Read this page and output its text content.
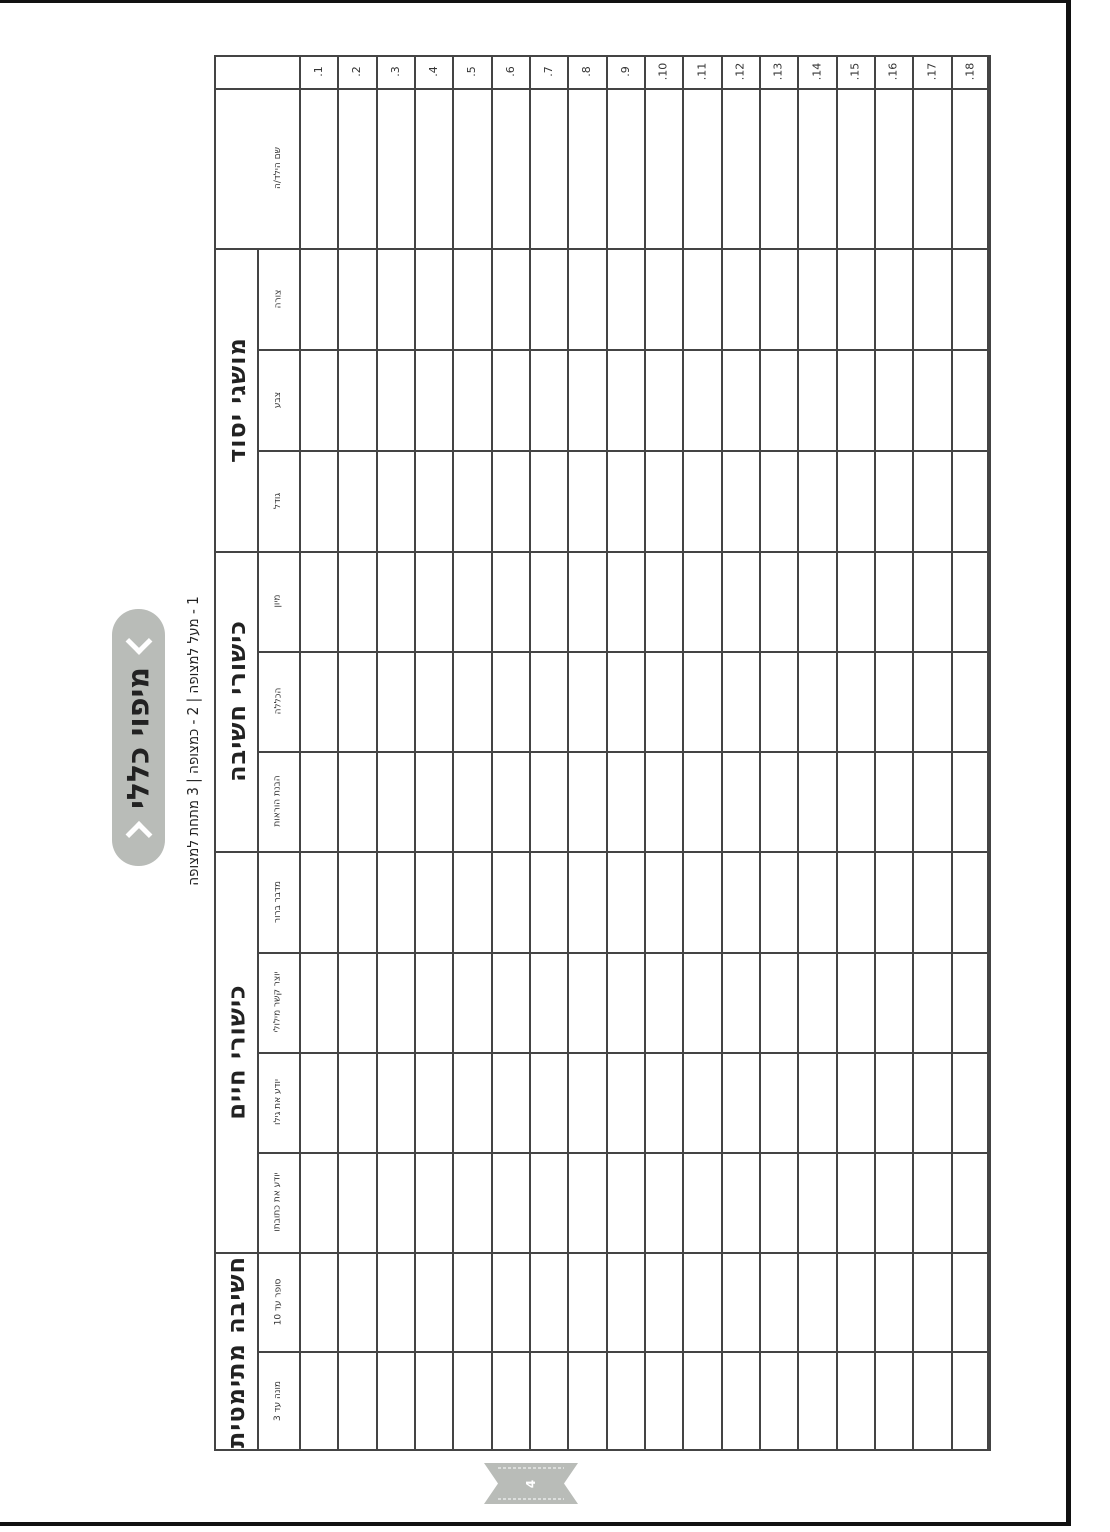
מיפוי כללי
1 - מעל למצופה | 2 - כמצופה | 3 מתחת למצופה
מושגי יסוד
כישורי חשיבה
כישורי חיים
חשיבה מתימטית
שם הילד/ה
צורה
צבע
גודל
מיון
הכללה
הבנת הוראות
מדבר ברור
יוצר קשר מילולי
יודע את גילו
יודע את כתובתו
סופר עד 10
מונה עד 3
.1 .2 .3 .4 .5 .6 .7 .8 .9 .10 .11 .12 .13 .14 .15 .16 .17 .18
4
